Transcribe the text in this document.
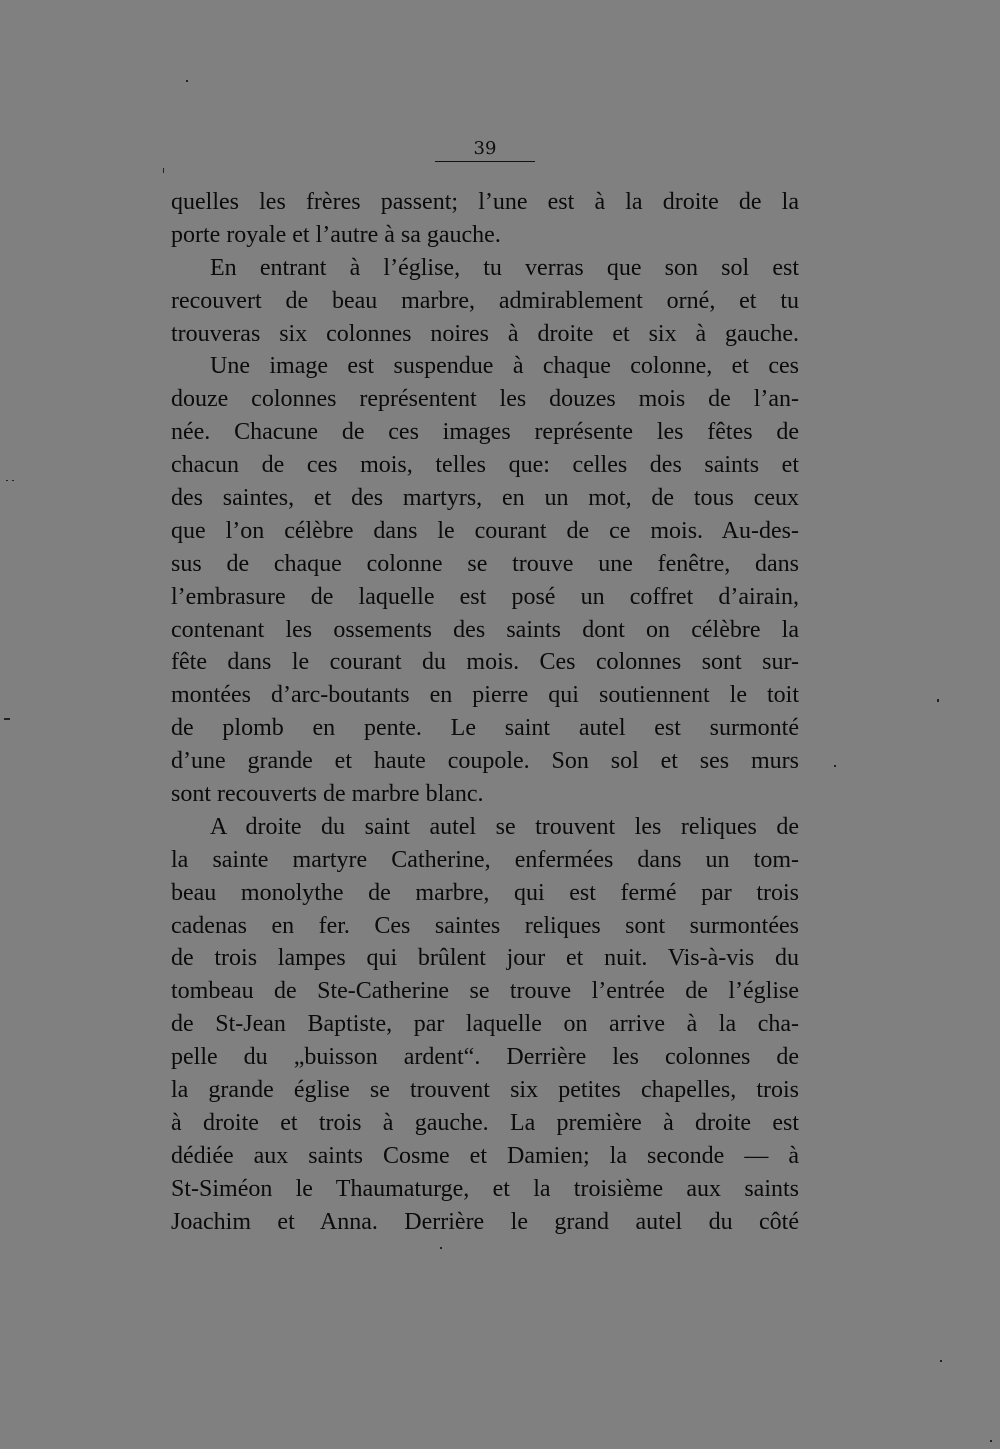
39
quelles les frères passent; l’une est à la droite de la
porte royale et l’autre à sa gauche.
En entrant à l’église, tu verras que son sol est
recouvert de beau marbre, admirablement orné, et tu
trouveras six colonnes noires à droite et six à gauche.
Une image est suspendue à chaque colonne, et ces
douze colonnes représentent les douzes mois de l’an-
née. Chacune de ces images représente les fêtes de
chacun de ces mois, telles que: celles des saints et
des saintes, et des martyrs, en un mot, de tous ceux
que l’on célèbre dans le courant de ce mois. Au-des-
sus de chaque colonne se trouve une fenêtre, dans
l’embrasure de laquelle est posé un coffret d’airain,
contenant les ossements des saints dont on célèbre la
fête dans le courant du mois. Ces colonnes sont sur-
montées d’arc-boutants en pierre qui soutiennent le toit
de plomb en pente. Le saint autel est surmonté
d’une grande et haute coupole. Son sol et ses murs
sont recouverts de marbre blanc.
A droite du saint autel se trouvent les reliques de
la sainte martyre Catherine, enfermées dans un tom-
beau monolythe de marbre, qui est fermé par trois
cadenas en fer. Ces saintes reliques sont surmontées
de trois lampes qui brûlent jour et nuit. Vis-à-vis du
tombeau de Ste-Catherine se trouve l’entrée de l’église
de St-Jean Baptiste, par laquelle on arrive à la cha-
pelle du „buisson ardent“. Derrière les colonnes de
la grande église se trouvent six petites chapelles, trois
à droite et trois à gauche. La première à droite est
dédiée aux saints Cosme et Damien; la seconde — à
St-Siméon le Thaumaturge, et la troisième aux saints
Joachim et Anna. Derrière le grand autel du côté
